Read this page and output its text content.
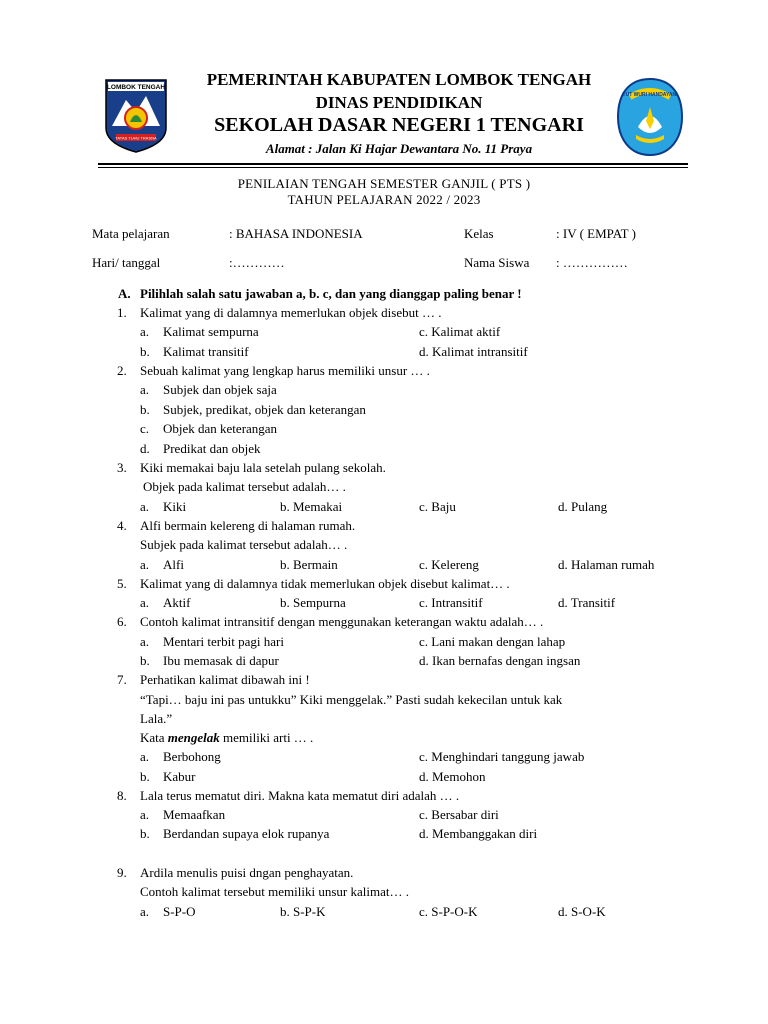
LOMBOK TENGAH
TATAS TUHU TRASNA
TUT WURI HANDAYANI
PEMERINTAH KABUPATEN LOMBOK TENGAH
DINAS PENDIDIKAN
SEKOLAH DASAR NEGERI 1 TENGARI
Alamat : Jalan Ki Hajar Dewantara No. 11 Praya
PENILAIAN TENGAH SEMESTER GANJIL ( PTS )
TAHUN PELAJARAN 2022 / 2023
Mata pelajaran	: BAHASA INDONESIA	Kelas	: IV ( EMPAT )
Hari/ tanggal	:…………	Nama Siswa : ……………
A. Pilihlah salah satu jawaban a, b. c, dan yang dianggap paling benar !
1. Kalimat yang di dalamnya memerlukan objek disebut … .
a. Kalimat sempurna	c. Kalimat aktif
b. Kalimat transitif	d. Kalimat intransitif
2. Sebuah kalimat yang lengkap harus memiliki unsur … .
a. Subjek dan objek saja
b. Subjek, predikat, objek dan keterangan
c. Objek dan keterangan
d. Predikat dan objek
3. Kiki memakai baju lala setelah pulang sekolah.
Objek pada kalimat tersebut adalah… .
a. Kiki	b. Memakai	c. Baju	d. Pulang
4. Alfi bermain kelereng di halaman rumah.
Subjek pada kalimat tersebut adalah… .
a. Alfi	b. Bermain	c. Kelereng	d. Halaman rumah
5. Kalimat yang di dalamnya tidak memerlukan objek disebut kalimat… .
a. Aktif	b. Sempurna	c. Intransitif	d. Transitif
6. Contoh kalimat intransitif dengan menggunakan keterangan waktu adalah… .
a. Mentari terbit pagi hari	c. Lani makan dengan lahap
b. Ibu memasak di dapur	d. Ikan bernafas dengan ingsan
7. Perhatikan kalimat dibawah ini !
“Tapi… baju ini pas untukku” Kiki menggelak.” Pasti sudah kekecilan untuk kak
Lala.”
Kata mengelak memiliki arti … .
a. Berbohong	c. Menghindari tanggung jawab
b. Kabur	d. Memohon
8. Lala terus mematut diri. Makna kata mematut diri adalah … .
a. Memaafkan	c. Bersabar diri
b. Berdandan supaya elok rupanya	d. Membanggakan diri
9. Ardila menulis puisi dngan penghayatan.
Contoh kalimat tersebut memiliki unsur kalimat… .
a. S-P-O	b. S-P-K	c. S-P-O-K	d. S-O-K
